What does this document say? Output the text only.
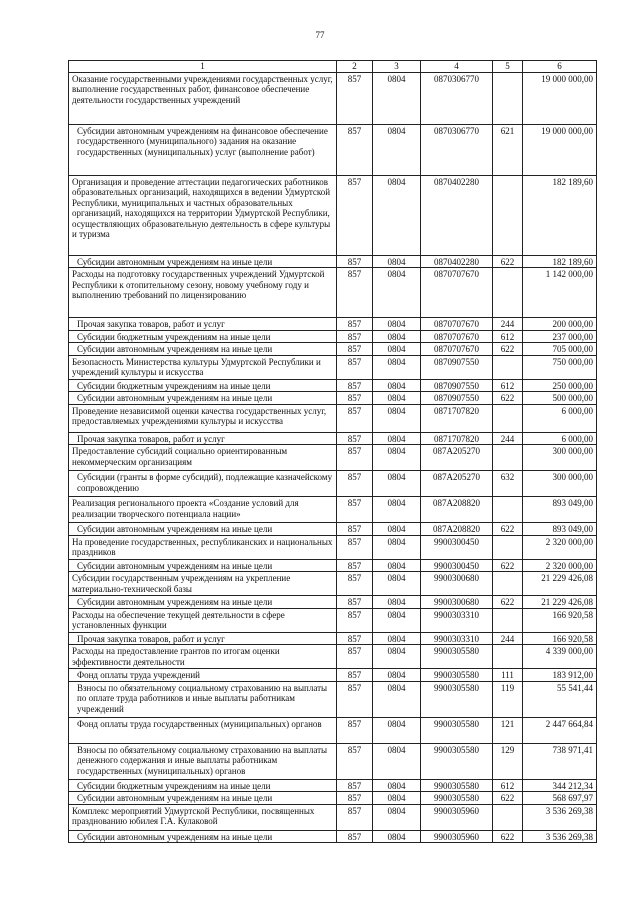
77
1	2	3	4	5	6
Оказание государственными учреждениями государственных услуг, выполнение государственных работ, финансовое обеспечение деятельности государственных учреждений	857	0804	0870306770		19 000 000,00
Субсидии автономным учреждениям на финансовое обеспечение государственного (муниципального) задания на оказание государственных (муниципальных) услуг (выполнение работ)	857	0804	0870306770	621	19 000 000,00
Организация и проведение аттестации педагогических работников образовательных организаций, находящихся в ведении Удмуртской Республики, муниципальных и частных образовательных организаций, находящихся на территории Удмуртской Республики, осуществляющих образовательную деятельность в сфере культуры и туризма	857	0804	0870402280		182 189,60
Субсидии автономным учреждениям на иные цели	857	0804	0870402280	622	182 189,60
Расходы на подготовку государственных учреждений Удмуртской Республики к отопительному сезону, новому учебному году и выполнению требований по лицензированию	857	0804	0870707670		1 142 000,00
Прочая закупка товаров, работ и услуг	857	0804	0870707670	244	200 000,00
Субсидии бюджетным учреждениям на иные цели	857	0804	0870707670	612	237 000,00
Субсидии автономным учреждениям на иные цели	857	0804	0870707670	622	705 000,00
Безопасность Министерства культуры Удмуртской Республики и учреждений культуры и искусства	857	0804	0870907550		750 000,00
Субсидии бюджетным учреждениям на иные цели	857	0804	0870907550	612	250 000,00
Субсидии автономным учреждениям на иные цели	857	0804	0870907550	622	500 000,00
Проведение независимой оценки качества государственных услуг, предоставляемых учреждениями культуры и искусства	857	0804	0871707820		6 000,00
Прочая закупка товаров, работ и услуг	857	0804	0871707820	244	6 000,00
Предоставление субсидий социально ориентированным некоммерческим организациям	857	0804	087А205270		300 000,00
Субсидии (гранты в форме субсидий), подлежащие казначейскому сопровождению	857	0804	087А205270	632	300 000,00
Реализация регионального проекта «Создание условий для реализации творческого потенциала нации»	857	0804	087А208820		893 049,00
Субсидии автономным учреждениям на иные цели	857	0804	087А208820	622	893 049,00
На проведение государственных, республиканских и национальных праздников	857	0804	9900300450		2 320 000,00
Субсидии автономным учреждениям на иные цели	857	0804	9900300450	622	2 320 000,00
Субсидии государственным учреждениям на укрепление материально-технической базы	857	0804	9900300680		21 229 426,08
Субсидии автономным учреждениям на иные цели	857	0804	9900300680	622	21 229 426,08
Расходы на обеспечение текущей деятельности в сфере установленных функции	857	0804	9900303310		166 920,58
Прочая закупка товаров, работ и услуг	857	0804	9900303310	244	166 920,58
Расходы на предоставление грантов по итогам оценки эффективности деятельности	857	0804	9900305580		4 339 000,00
Фонд оплаты труда учреждений	857	0804	9900305580	111	183 912,00
Взносы по обязательному социальному страхованию на выплаты по оплате труда работников и иные выплаты работникам учреждений	857	0804	9900305580	119	55 541,44
Фонд оплаты труда государственных (муниципальных) органов	857	0804	9900305580	121	2 447 664,84
Взносы по обязательному социальному страхованию на выплаты денежного содержания и иные выплаты работникам государственных (муниципальных) органов	857	0804	9900305580	129	738 971,41
Субсидии бюджетным учреждениям на иные цели	857	0804	9900305580	612	344 212,34
Субсидии автономным учреждениям на иные цели	857	0804	9900305580	622	568 697,97
Комплекс мероприятий Удмуртской Республики, посвященных празднованию юбилея Г.А. Кулаковой	857	0804	9900305960		3 536 269,38
Субсидии автономным учреждениям на иные цели	857	0804	9900305960	622	3 536 269,38
